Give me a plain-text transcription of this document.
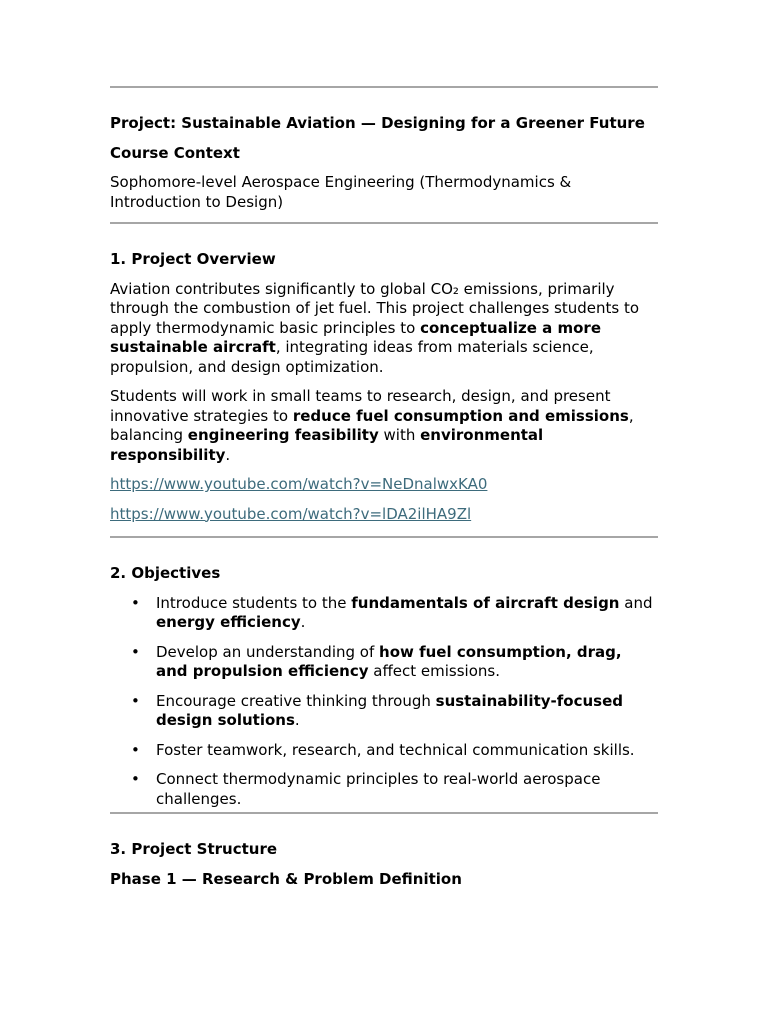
Project: Sustainable Aviation — Designing for a Greener Future

Course Context

Sophomore-level Aerospace Engineering (Thermodynamics & Introduction to Design)

1. Project Overview

Aviation contributes significantly to global CO₂ emissions, primarily through the combustion of jet fuel. This project challenges students to apply thermodynamic basic principles to conceptualize a more sustainable aircraft, integrating ideas from materials science, propulsion, and design optimization.

Students will work in small teams to research, design, and present innovative strategies to reduce fuel consumption and emissions, balancing engineering feasibility with environmental responsibility.

https://www.youtube.com/watch?v=NeDnalwxKA0

https://www.youtube.com/watch?v=lDA2ilHA9Zl

2. Objectives

• Introduce students to the fundamentals of aircraft design and energy efficiency.
• Develop an understanding of how fuel consumption, drag, and propulsion efficiency affect emissions.
• Encourage creative thinking through sustainability-focused design solutions.
• Foster teamwork, research, and technical communication skills.
• Connect thermodynamic principles to real-world aerospace challenges.

3. Project Structure

Phase 1 — Research & Problem Definition
